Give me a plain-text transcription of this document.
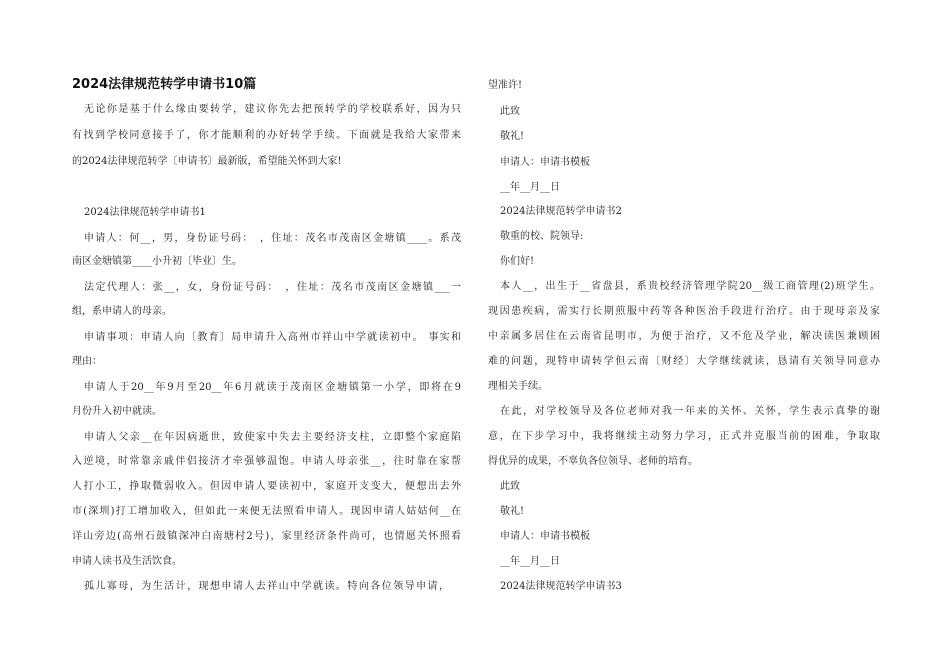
2024法律规范转学申请书10篇
无论你是基于什么缘由要转学，建议你先去把预转学的学校联系好，因为只
有找到学校同意接手了，你才能顺利的办好转学手续。下面就是我给大家带来
的2024法律规范转学〔申请书〕最新版，希望能关怀到大家!
2024法律规范转学申请书1
申请人：何__，男，身份证号码：　，住址：茂名市茂南区金塘镇____。系茂
南区金塘镇第____小升初〔毕业〕生。
法定代理人：张__，女，身份证号码：　，住址：茂名市茂南区金塘镇___一
组，系申请人的母亲。
申请事项：申请人向〔教育〕局申请升入高州市祥山中学就读初中。 事实和
理由：
申请人于20__年9月至20__年6月就读于茂南区金塘镇第一小学，即将在9
月份升入初中就读。
申请人父亲__在年因病逝世，致使家中失去主要经济支柱，立即整个家庭陷
入逆境，时常靠亲戚伴侣接济才牵强够温饱。申请人母亲张__，往时靠在家帮
人打小工，挣取微弱收入。但因申请人要读初中，家庭开支变大，便想出去外
市(深圳)打工增加收入，但如此一来便无法照看申请人。现因申请人姑姑何__在
详山旁边(高州石鼓镇深冲白南塘村2号)，家里经济条件尚可，也情愿关怀照看
申请人读书及生活饮食。
孤儿寡母，为生活计，现想申请人去祥山中学就读。特向各位领导申请，
望准许!
此致
敬礼!
申请人：申请书模板
__年__月__日
2024法律规范转学申请书2
敬重的校、院领导:
你们好!
本人__，出生于__省盘县，系贵校经济管理学院20__级工商管理(2)班学生。
现因患疾病，需实行长期煎服中药等各种医治手段进行治疗。由于现母亲及家
中亲属多居住在云南省昆明市，为便于治疗，又不危及学业，解决读医兼顾困
难的问题，现特申请转学但云南〔财经〕大学继续就读，恳请有关领导同意办
理相关手续。
在此，对学校领导及各位老师对我一年来的关怀、关怀，学生表示真挚的谢
意，在下步学习中，我将继续主动努力学习，正式并克服当前的困难，争取取
得优异的成果，不辜负各位领导、老师的培育。
此致
敬礼!
申请人：申请书模板
__年__月__日
2024法律规范转学申请书3
